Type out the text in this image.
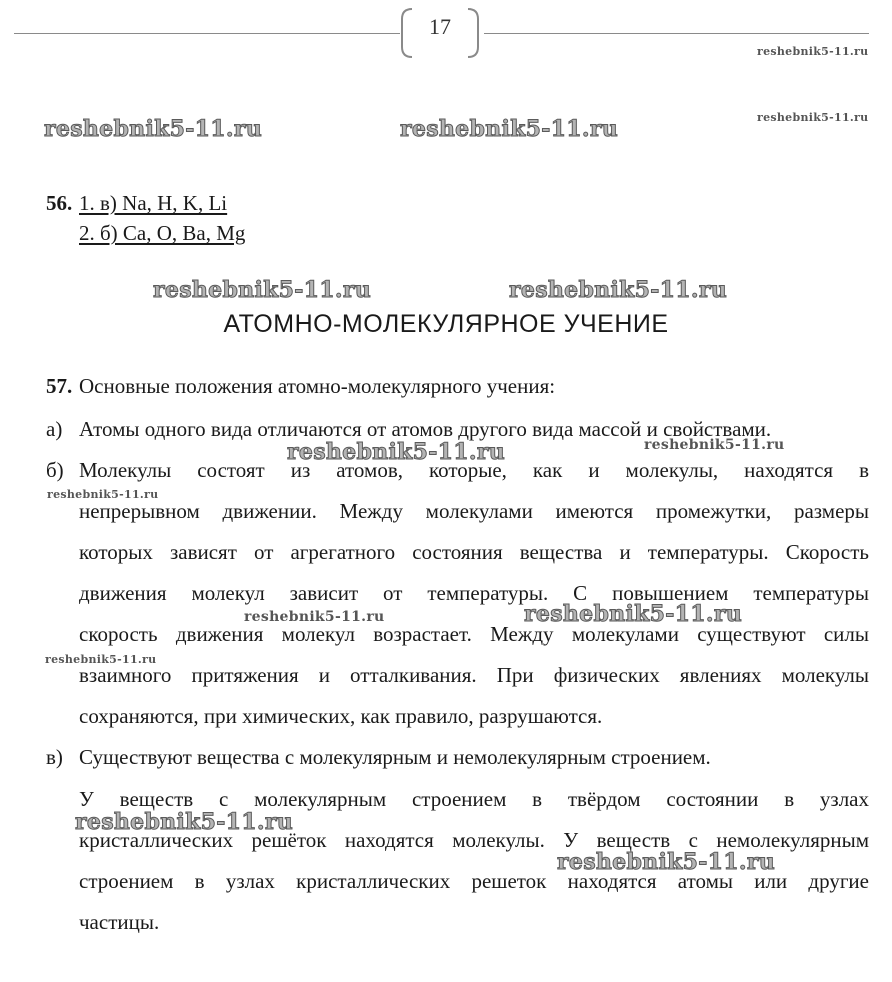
17
reshebnik5-11.ru
reshebnik5-11.ru	reshebnik5-11.ru	reshebnik5-11.ru
reshebnik5-11.ru	reshebnik5-11.ru
reshebnik5-11.ru	reshebnik5-11.ru
reshebnik5-11.ru
reshebnik5-11.ru	reshebnik5-11.ru
reshebnik5-11.ru
reshebnik5-11.ru
reshebnik5-11.ru
56. 1. в) Na, H, K, Li
2. б) Ca, O, Ba, Mg
АТОМНО-МОЛЕКУЛЯРНОЕ УЧЕНИЕ
57. Основные положения атомно-молекулярного учения:
а) Атомы одного вида отличаются от атомов другого вида массой и свойствами.
б) Молекулы состоят из атомов, которые, как и молекулы, находятся в
непрерывном движении. Между молекулами имеются промежутки, размеры
которых зависят от агрегатного состояния вещества и температуры. Скорость
движения молекул зависит от температуры. С повышением температуры
скорость движения молекул возрастает. Между молекулами существуют силы
взаимного притяжения и отталкивания. При физических явлениях молекулы
сохраняются, при химических, как правило, разрушаются.
в) Существуют вещества с молекулярным и немолекулярным строением.
У веществ с молекулярным строением в твёрдом состоянии в узлах
кристаллических решёток находятся молекулы. У веществ с немолекулярным
строением в узлах кристаллических решеток находятся атомы или другие
частицы.
